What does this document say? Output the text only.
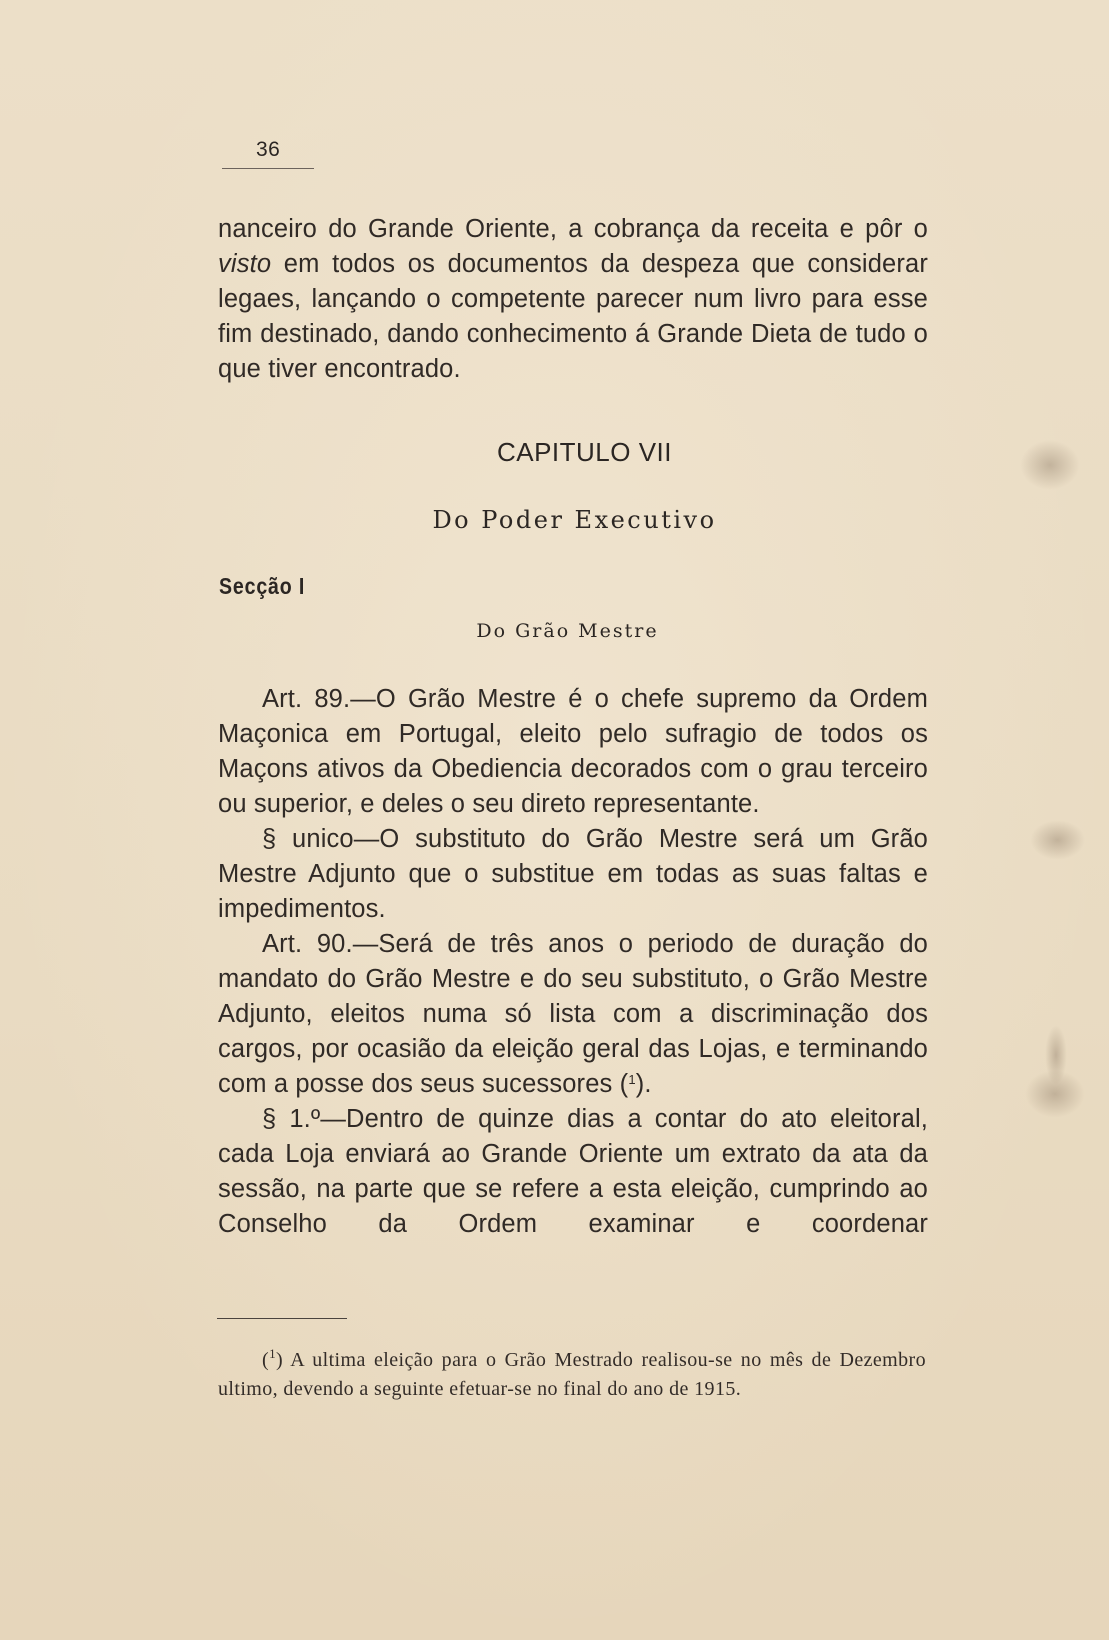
36

nanceiro do Grande Oriente, a cobrança da receita e pôr o visto em todos os documentos da despeza que considerar legaes, lançando o competente parecer num livro para esse fim destinado, dando conhecimento á Grande Dieta de tudo o que tiver encontrado.

CAPITULO VII
Do Poder Executivo
Secção I
Do Grão Mestre

Art. 89.—O Grão Mestre é o chefe supremo da Ordem Maçonica em Portugal, eleito pelo sufragio de todos os Maçons ativos da Obediencia decorados com o grau terceiro ou superior, e deles o seu direto representante.

§ unico—O substituto do Grão Mestre será um Grão Mestre Adjunto que o substitue em todas as suas faltas e impedimentos.

Art. 90.—Será de três anos o periodo de duração do mandato do Grão Mestre e do seu substituto, o Grão Mestre Adjunto, eleitos numa só lista com a discriminação dos cargos, por ocasião da eleição geral das Lojas, e terminando com a posse dos seus sucessores ($^1$).

§ 1.º—Dentro de quinze dias a contar do ato eleitoral, cada Loja enviará ao Grande Oriente um extrato da ata da sessão, na parte que se refere a esta eleição, cumprindo ao Conselho da Ordem examinar e coordenar

($^1$) A ultima eleição para o Grão Mestrado realisou-se no mês de Dezembro ultimo, devendo a seguinte efetuar-se no final do ano de 1915.
